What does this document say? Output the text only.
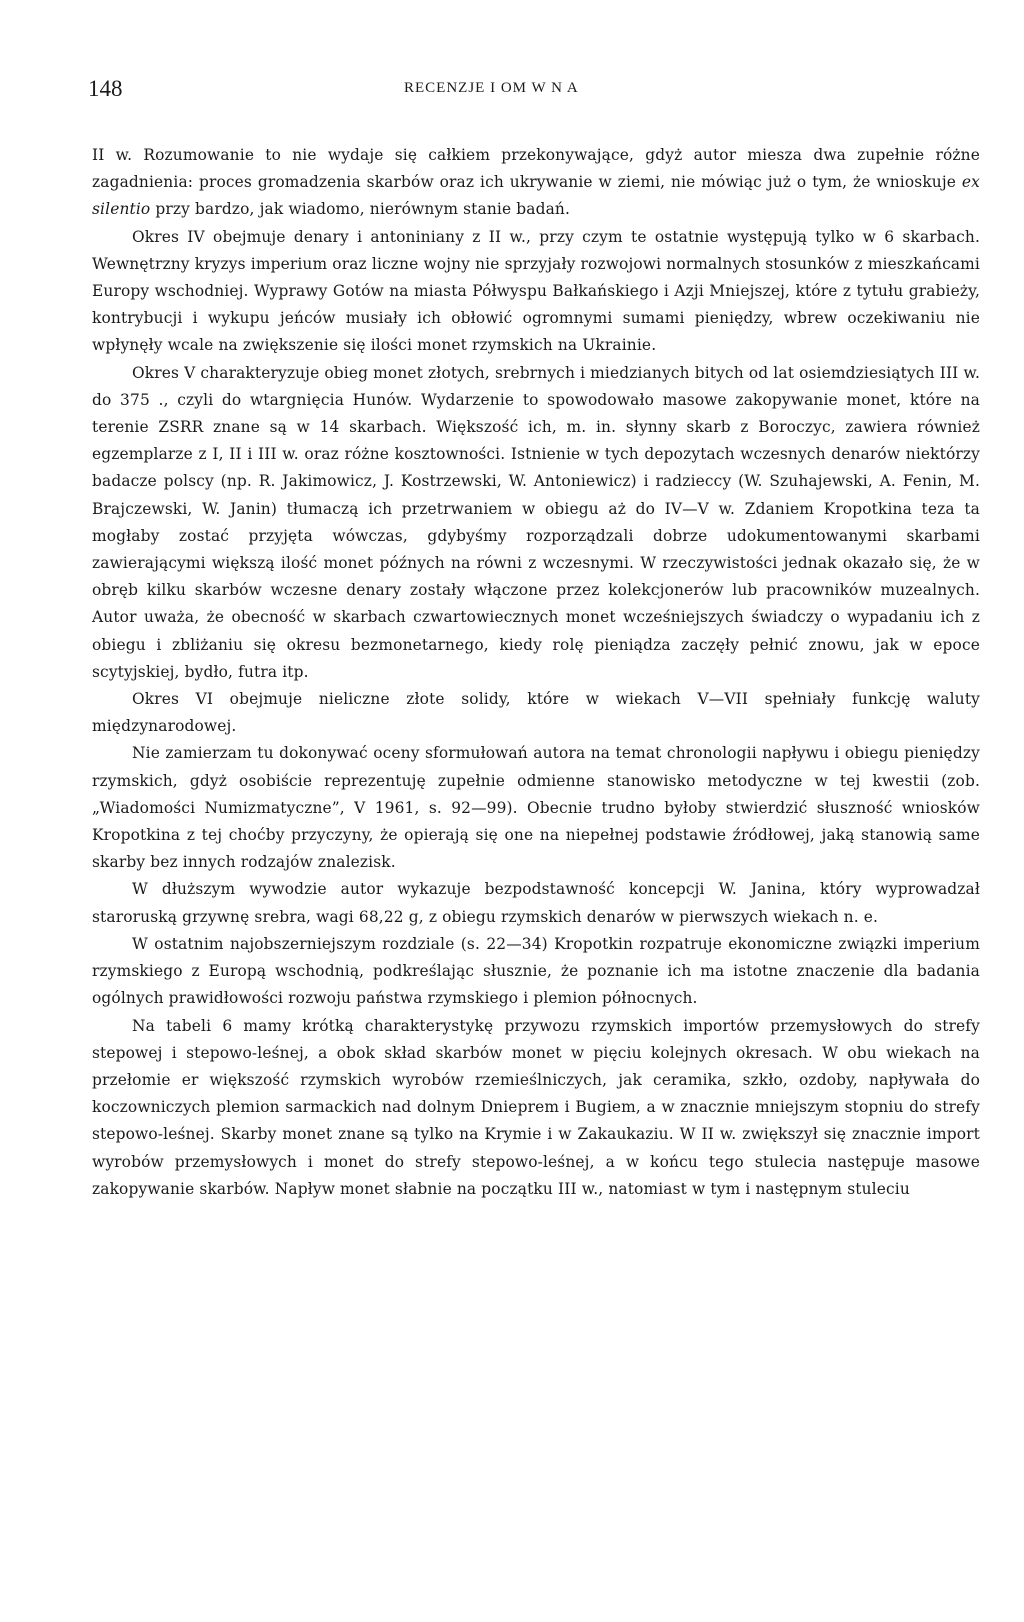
148	RECENZJE I OM W N A

II w. Rozumowanie to nie wydaje się całkiem przekonywające, gdyż autor miesza dwa zupełnie różne zagadnienia: proces gromadzenia skarbów oraz ich ukrywanie w ziemi, nie mówiąc już o tym, że wnioskuje ex silentio przy bardzo, jak wiadomo, nierównym stanie badań.

Okres IV obejmuje denary i antoniniany z II w., przy czym te ostatnie występują tylko w 6 skarbach. Wewnętrzny kryzys imperium oraz liczne wojny nie sprzyjały rozwojowi normalnych stosunków z mieszkańcami Europy wschodniej. Wyprawy Gotów na miasta Półwyspu Bałkańskiego i Azji Mniejszej, które z tytułu grabieży, kontrybucji i wykupu jeńców musiały ich obłowić ogromnymi sumami pieniędzy, wbrew oczekiwaniu nie wpłynęły wcale na zwiększenie się ilości monet rzymskich na Ukrainie.

Okres V charakteryzuje obieg monet złotych, srebrnych i miedzianych bitych od lat osiemdziesiątych III w. do 375 ., czyli do wtargnięcia Hunów. Wydarzenie to spowodowało masowe zakopywanie monet, które na terenie ZSRR znane są w 14 skarbach. Większość ich, m. in. słynny skarb z Boroczyc, zawiera również egzemplarze z I, II i III w. oraz różne kosztowności. Istnienie w tych depozytach wczesnych denarów niektórzy badacze polscy (np. R. Jakimowicz, J. Kostrzewski, W. Antoniewicz) i radzieccy (W. Szuhajewski, A. Fenin, M. Brajczewski, W. Janin) tłumaczą ich przetrwaniem w obiegu aż do IV—V w. Zdaniem Kropotkina teza ta mogłaby zostać przyjęta wówczas, gdybyśmy rozporządzali dobrze udokumentowanymi skarbami zawierającymi większą ilość monet późnych na równi z wczesnymi. W rzeczywistości jednak okazało się, że w obręb kilku skarbów wczesne denary zostały włączone przez kolekcjonerów lub pracowników muzealnych. Autor uważa, że obecność w skarbach czwartowiecznych monet wcześniejszych świadczy o wypadaniu ich z obiegu i zbliżaniu się okresu bezmonetarnego, kiedy rolę pieniądza zaczęły pełnić znowu, jak w epoce scytyjskiej, bydło, futra itp.

Okres VI obejmuje nieliczne złote solidy, które w wiekach V—VII spełniały funkcję waluty międzynarodowej.

Nie zamierzam tu dokonywać oceny sformułowań autora na temat chronologii napływu i obiegu pieniędzy rzymskich, gdyż osobiście reprezentuję zupełnie odmienne stanowisko metodyczne w tej kwestii (zob. „Wiadomości Numizmatyczne”, V 1961, s. 92—99). Obecnie trudno byłoby stwierdzić słuszność wniosków Kropotkina z tej choćby przyczyny, że opierają się one na niepełnej podstawie źródłowej, jaką stanowią same skarby bez innych rodzajów znalezisk.

W dłuższym wywodzie autor wykazuje bezpodstawność koncepcji W. Janina, który wyprowadzał staroruską grzywnę srebra, wagi 68,22 g, z obiegu rzymskich denarów w pierwszych wiekach n. e.

W ostatnim najobszerniejszym rozdziale (s. 22—34) Kropotkin rozpatruje ekonomiczne związki imperium rzymskiego z Europą wschodnią, podkreślając słusznie, że poznanie ich ma istotne znaczenie dla badania ogólnych prawidłowości rozwoju państwa rzymskiego i plemion północnych.

Na tabeli 6 mamy krótką charakterystykę przywozu rzymskich importów przemysłowych do strefy stepowej i stepowo-leśnej, a obok skład skarbów monet w pięciu kolejnych okresach. W obu wiekach na przełomie er większość rzymskich wyrobów rzemieślniczych, jak ceramika, szkło, ozdoby, napływała do koczowniczych plemion sarmackich nad dolnym Dnieprem i Bugiem, a w znacznie mniejszym stopniu do strefy stepowo-leśnej. Skarby monet znane są tylko na Krymie i w Zakaukaziu. W II w. zwiększył się znacznie import wyrobów przemysłowych i monet do strefy stepowo-leśnej, a w końcu tego stulecia następuje masowe zakopywanie skarbów. Napływ monet słabnie na początku III w., natomiast w tym i następnym stuleciu
